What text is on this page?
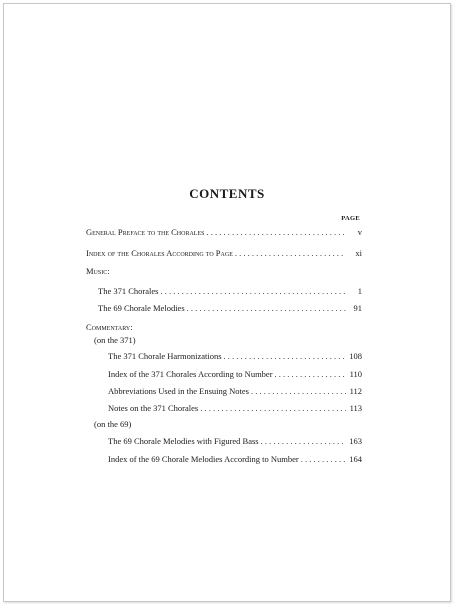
CONTENTS
PAGE
General Preface to the Chorales . . .	v
Index of the Chorales According to Page . . .	xi
Music:
The 371 Chorales . . .	1
The 69 Chorale Melodies . . .	91
Commentary:
(on the 371)
The 371 Chorale Harmonizations . . .	108
Index of the 371 Chorales According to Number . . .	110
Abbreviations Used in the Ensuing Notes . . .	112
Notes on the 371 Chorales . . .	113
(on the 69)
The 69 Chorale Melodies with Figured Bass . . .	163
Index of the 69 Chorale Melodies According to Number . . .	164
